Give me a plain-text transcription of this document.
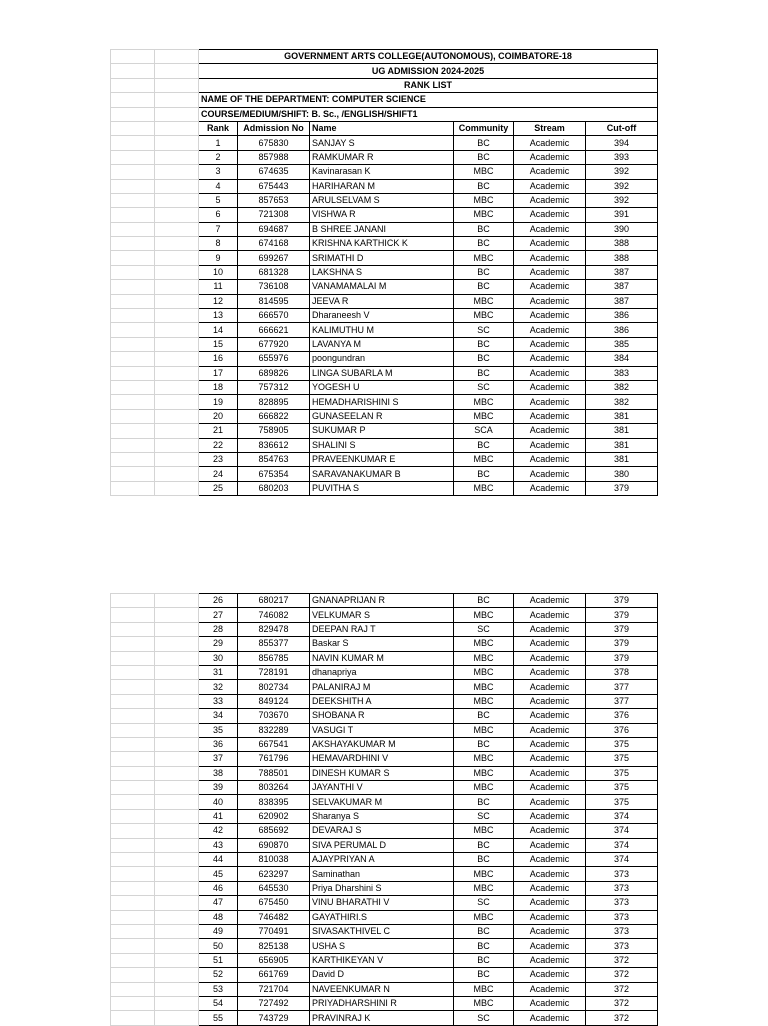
		GOVERNMENT ARTS COLLEGE(AUTONOMOUS), COIMBATORE-18					
		UG ADMISSION 2024-2025					
		RANK LIST					
		NAME OF THE DEPARTMENT: COMPUTER SCIENCE					
		COURSE/MEDIUM/SHIFT: B. Sc., /ENGLISH/SHIFT1					
		Rank	Admission No	Name	Community	Stream	Cut-off
		1	675830	SANJAY S	BC	Academic	394
		2	857988	RAMKUMAR R	BC	Academic	393
		3	674635	Kavinarasan K	MBC	Academic	392
		4	675443	HARIHARAN M	BC	Academic	392
		5	857653	ARULSELVAM S	MBC	Academic	392
		6	721308	VISHWA R	MBC	Academic	391
		7	694687	B SHREE JANANI	BC	Academic	390
		8	674168	KRISHNA KARTHICK K	BC	Academic	388
		9	699267	SRIMATHI D	MBC	Academic	388
		10	681328	LAKSHNA S	BC	Academic	387
		11	736108	VANAMAMALAI M	BC	Academic	387
		12	814595	JEEVA R	MBC	Academic	387
		13	666570	Dharaneesh V	MBC	Academic	386
		14	666621	KALIMUTHU M	SC	Academic	386
		15	677920	LAVANYA M	BC	Academic	385
		16	655976	poongundran	BC	Academic	384
		17	689826	LINGA SUBARLA M	BC	Academic	383
		18	757312	YOGESH U	SC	Academic	382
		19	828895	HEMADHARISHINI S	MBC	Academic	382
		20	666822	GUNASEELAN R	MBC	Academic	381
		21	758905	SUKUMAR P	SCA	Academic	381
		22	836612	SHALINI S	BC	Academic	381
		23	854763	PRAVEENKUMAR E	MBC	Academic	381
		24	675354	SARAVANAKUMAR B	BC	Academic	380
		25	680203	PUVITHA S	MBC	Academic	379
		26	680217	GNANAPRIJAN R	BC	Academic	379
		27	746082	VELKUMAR S	MBC	Academic	379
		28	829478	DEEPAN RAJ T	SC	Academic	379
		29	855377	Baskar S	MBC	Academic	379
		30	856785	NAVIN KUMAR M	MBC	Academic	379
		31	728191	dhanapriya	MBC	Academic	378
		32	802734	PALANIRAJ M	MBC	Academic	377
		33	849124	DEEKSHITH A	MBC	Academic	377
		34	703670	SHOBANA R	BC	Academic	376
		35	832289	VASUGI T	MBC	Academic	376
		36	667541	AKSHAYAKUMAR M	BC	Academic	375
		37	761796	HEMAVARDHINI V	MBC	Academic	375
		38	788501	DINESH KUMAR S	MBC	Academic	375
		39	803264	JAYANTHI V	MBC	Academic	375
		40	838395	SELVAKUMAR M	BC	Academic	375
		41	620902	Sharanya S	SC	Academic	374
		42	685692	DEVARAJ S	MBC	Academic	374
		43	690870	SIVA PERUMAL D	BC	Academic	374
		44	810038	AJAYPRIYAN A	BC	Academic	374
		45	623297	Saminathan	MBC	Academic	373
		46	645530	Priya Dharshini S	MBC	Academic	373
		47	675450	VINU BHARATHI V	SC	Academic	373
		48	746482	GAYATHIRI.S	MBC	Academic	373
		49	770491	SIVASAKTHIVEL C	BC	Academic	373
		50	825138	USHA S	BC	Academic	373
		51	656905	KARTHIKEYAN V	BC	Academic	372
		52	661769	David D	BC	Academic	372
		53	721704	NAVEENKUMAR N	MBC	Academic	372
		54	727492	PRIYADHARSHINI R	MBC	Academic	372
		55	743729	PRAVINRAJ K	SC	Academic	372
